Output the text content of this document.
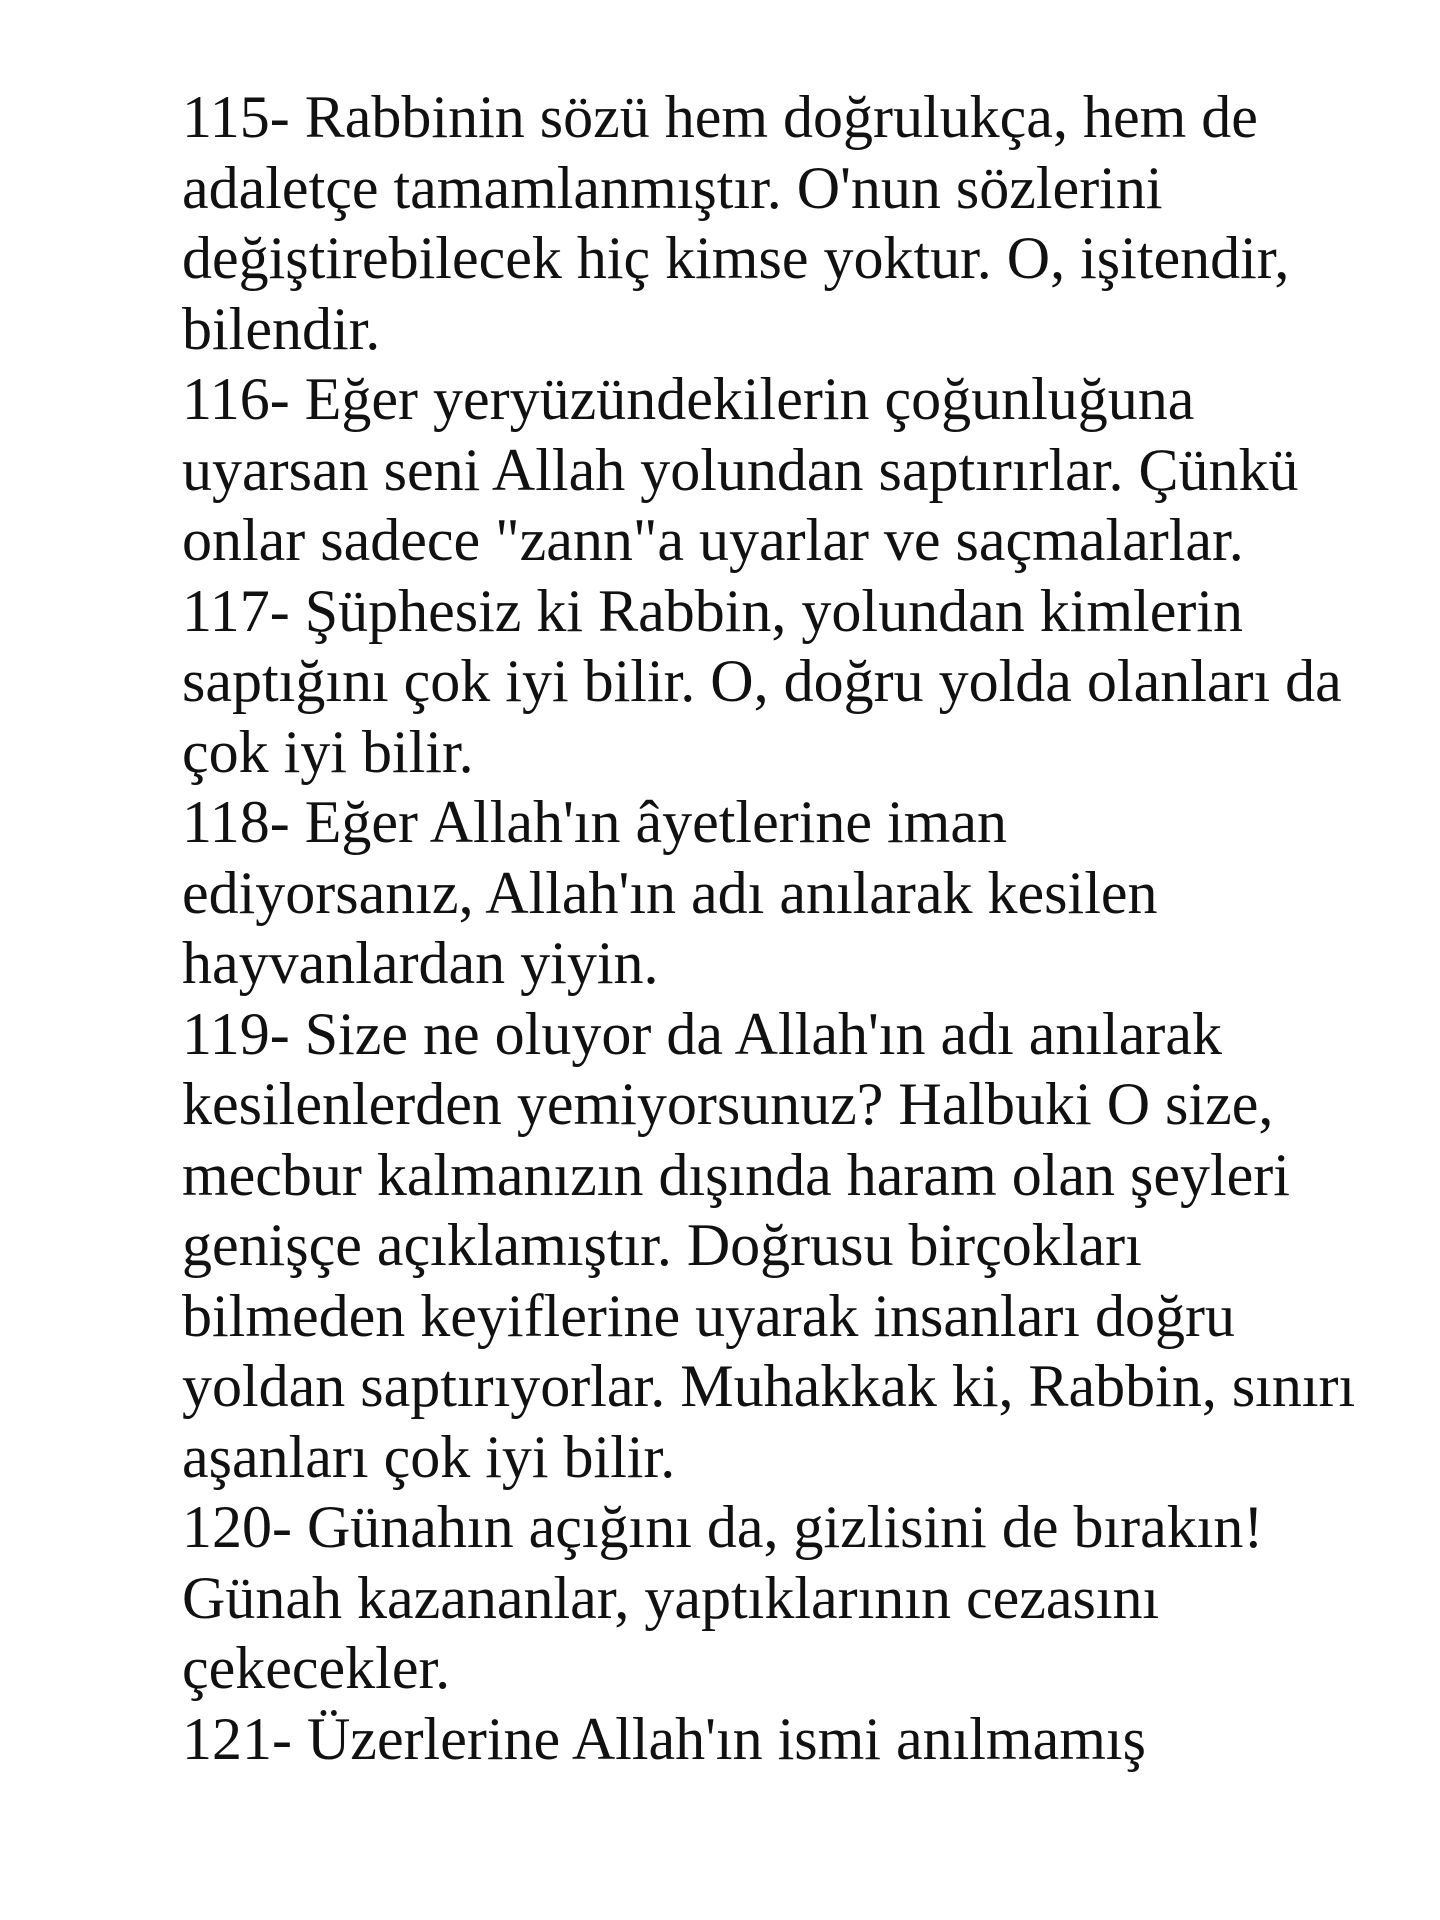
115- Rabbinin sözü hem doğrulukça, hem de
adaletçe tamamlanmıştır. O'nun sözlerini
değiştirebilecek hiç kimse yoktur. O, işitendir,
bilendir.

116- Eğer yeryüzündekilerin çoğunluğuna
uyarsan seni Allah yolundan saptırırlar. Çünkü
onlar sadece "zann"a uyarlar ve saçmalarlar.

117- Şüphesiz ki Rabbin, yolundan kimlerin
saptığını çok iyi bilir. O, doğru yolda olanları da
çok iyi bilir.

118- Eğer Allah'ın âyetlerine iman
ediyorsanız, Allah'ın adı anılarak kesilen
hayvanlardan yiyin.

119- Size ne oluyor da Allah'ın adı anılarak
kesilenlerden yemiyorsunuz? Halbuki O size,
mecbur kalmanızın dışında haram olan şeyleri
genişçe açıklamıştır. Doğrusu birçokları
bilmeden keyiflerine uyarak insanları doğru
yoldan saptırıyorlar. Muhakkak ki, Rabbin, sınırı
aşanları çok iyi bilir.

120- Günahın açığını da, gizlisini de bırakın!
Günah kazananlar, yaptıklarının cezasını
çekecekler.

121- Üzerlerine Allah'ın ismi anılmamış
